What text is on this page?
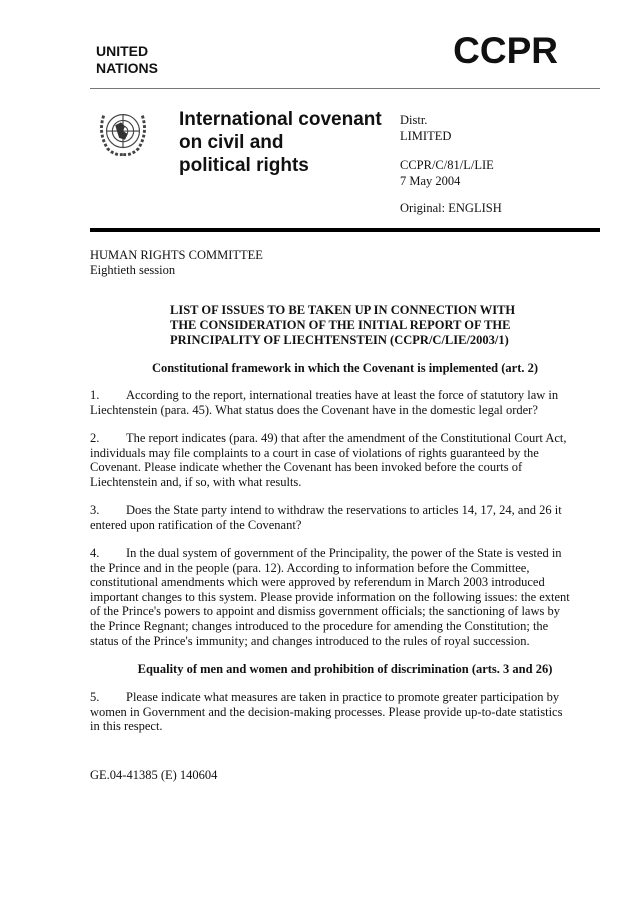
UNITED
NATIONS	CCPR
International covenant
on civil and
political rights
Distr.
LIMITED
CCPR/C/81/L/LIE
7 May 2004
Original: ENGLISH
HUMAN RIGHTS COMMITTEE
Eightieth session
LIST OF ISSUES TO BE TAKEN UP IN CONNECTION WITH
THE CONSIDERATION OF THE INITIAL REPORT OF THE
PRINCIPALITY OF LIECHTENSTEIN (CCPR/C/LIE/2003/1)
Constitutional framework in which the Covenant is implemented (art. 2)
1. According to the report, international treaties have at least the force of statutory law in
Liechtenstein (para. 45). What status does the Covenant have in the domestic legal order?
2. The report indicates (para. 49) that after the amendment of the Constitutional Court Act,
individuals may file complaints to a court in case of violations of rights guaranteed by the
Covenant. Please indicate whether the Covenant has been invoked before the courts of
Liechtenstein and, if so, with what results.
3. Does the State party intend to withdraw the reservations to articles 14, 17, 24, and 26 it
entered upon ratification of the Covenant?
4. In the dual system of government of the Principality, the power of the State is vested in
the Prince and in the people (para. 12). According to information before the Committee,
constitutional amendments which were approved by referendum in March 2003 introduced
important changes to this system. Please provide information on the following issues: the extent
of the Prince's powers to appoint and dismiss government officials; the sanctioning of laws by
the Prince Regnant; changes introduced to the procedure for amending the Constitution; the
status of the Prince's immunity; and changes introduced to the rules of royal succession.
Equality of men and women and prohibition of discrimination (arts. 3 and 26)
5. Please indicate what measures are taken in practice to promote greater participation by
women in Government and the decision-making processes. Please provide up-to-date statistics
in this respect.
GE.04-41385 (E) 140604
